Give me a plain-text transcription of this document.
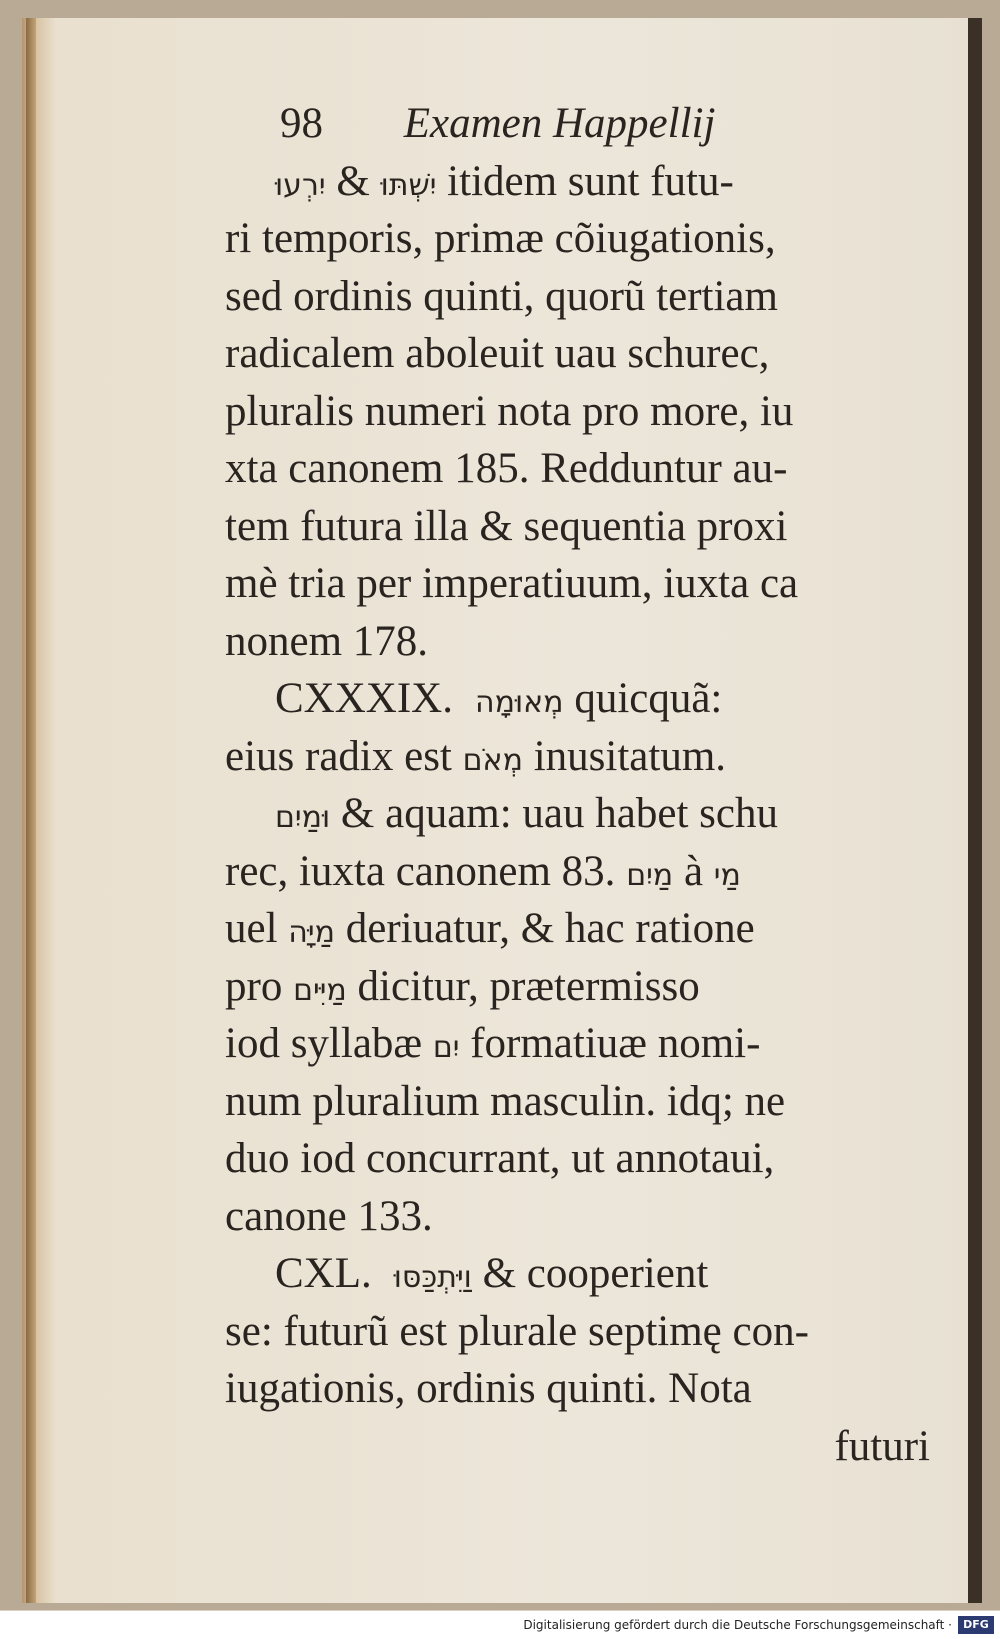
98 Examen Happellij
יִרְעוּ & יִשְׁתּוּ itidem sunt futu-
ri temporis, primæ cõiugationis,
sed ordinis quinti, quorũ tertiam
radicalem aboleuit uau schurec,
pluralis numeri nota pro more, iu
xta canonem 185. Redduntur au-
tem futura illa & sequentia proxi
mè tria per imperatiuum, iuxta ca
nonem 178.
CXXXIX. מְאוּמָה quicquã:
eius radix est מְאֹם inusitatum.
וּמַיִם & aquam: uau habet schu
rec, iuxta canonem 83. מַיִם à מַי
uel מַיָּה deriuatur, & hac ratione
pro מַיִּים dicitur, prætermisso
iod syllabæ יִם formatiuæ nomi-
num pluralium masculin. idq; ne
duo iod concurrant, ut annotaui,
canone 133.
CXL. וַיִּתְכַּסּוּ & cooperient
se: futurũ est plurale septimę con-
iugationis, ordinis quinti. Nota
futuri
Digitalisierung gefördert durch die Deutsche Forschungsgemeinschaft ·	DFG
